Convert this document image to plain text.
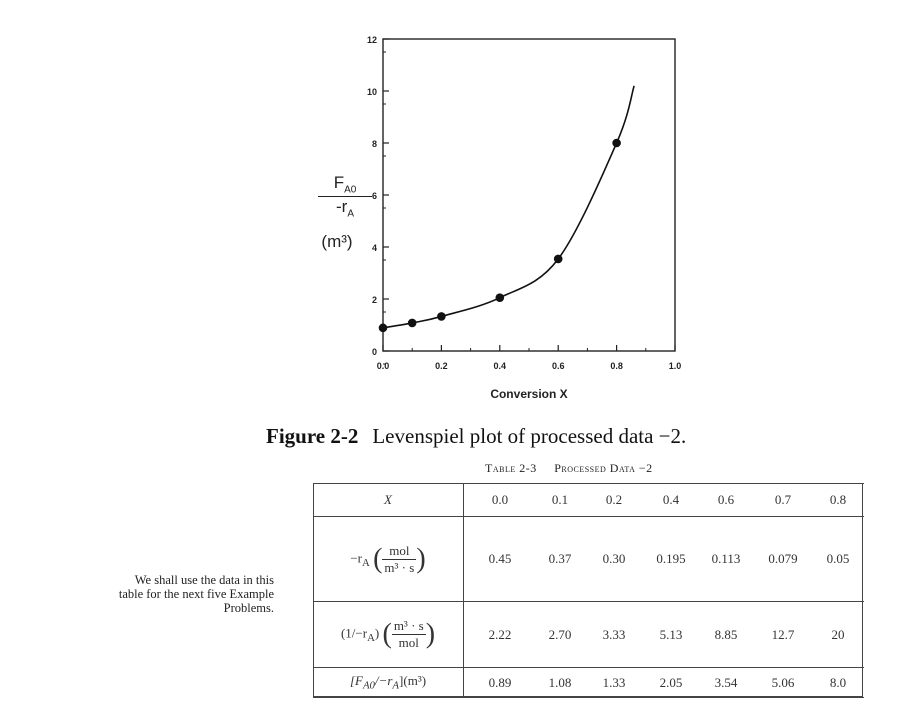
0
2
4
6
8
10
12
0.0	0.2	0.4	0.6	0.8	1.0
Conversion X
$F_{A0}$
$-r_A$
(m³)
Figure 2-2 Levenspiel plot of processed data −2.
Table 2-3 Processed Data −2
X	0.0	0.1	0.2	0.4	0.6	0.7	0.8
$-r_A$ ( $\frac{\text{mol}}{\text{m³ · s}}$ )	0.45	0.37	0.30	0.195	0.113	0.079	0.05
$(1/-r_A)$ ( $\frac{\text{m³ · s}}{\text{mol}}$ )	2.22	2.70	3.33	5.13	8.85	12.7	20
$[F_{A0}/-r_A](m^3)$	0.89	1.08	1.33	2.05	3.54	5.06	8.0
We shall use the data in this table for the next five Example Problems.
